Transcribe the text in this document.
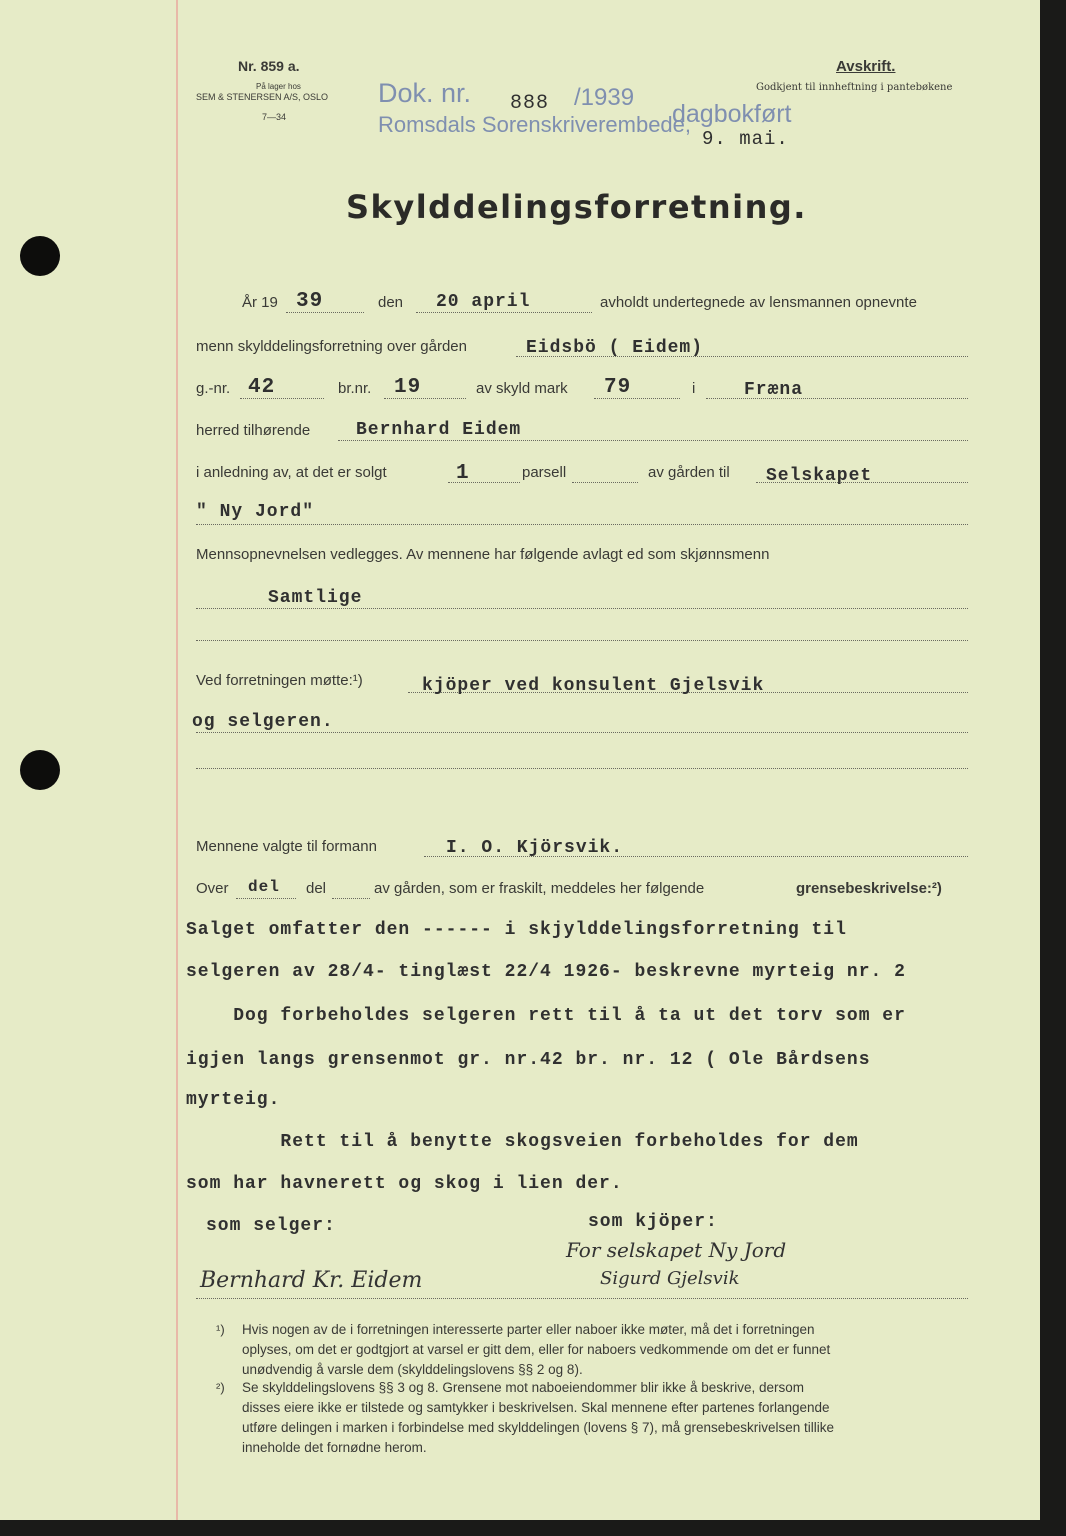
Nr. 859 a.
På lager hos
SEM & STENERSEN A/S, OSLO
7—34
Dok. nr. 888 /1939
dagbokført
Romsdals Sorenskriverembede,
9. mai.
Avskrift.
Godkjent til innheftning i pantebøkene
Skylddelingsforretning.
År 19 39	den 20 april	avholdt undertegnede av lensmannen opnevnte
menn skylddelingsforretning over gården	Eidsbö ( Eidem)
g.-nr. 42	br.nr. 19	av skyld mark 79	i	Fræna
herred tilhørende	Bernhard Eidem
i anledning av, at det er solgt	1	parsell	av gården til Selskapet
" Ny Jord"
Mennsopnevnelsen vedlegges. Av mennene har følgende avlagt ed som skjønnsmenn
Samtlige
Ved forretningen møtte:¹)	kjöper ved konsulent Gjelsvik
og selgeren.
Mennene valgte til formann	I. O. Kjörsvik.
Over del del	av gården, som er fraskilt, meddeles her følgende	grensebeskrivelse:²)
Salget omfatter den ------ i skjylddelingsforretning til
selgeren av 28/4- tinglæst 22/4 1926- beskrevne myrteig nr. 2
Dog forbeholdes selgeren rett til å ta ut det torv som er
igjen langs grensenmot gr. nr.42 br. nr. 12 ( Ole Bårdsens
myrteig.
Rett til å benytte skogsveien forbeholdes for dem
som har havnerett og skog i lien der.
som selger:	som kjöper:
Bernhard Kr. Eidem
For selskapet Ny Jord
Sigurd Gjelsvik
¹) Hvis nogen av de i forretningen interesserte parter eller naboer ikke møter, må det i forretningen
oplyses, om det er godtgjort at varsel er gitt dem, eller for naboers vedkommende om det er funnet
unødvendig å varsle dem (skylddelingslovens §§ 2 og 8).
²) Se skylddelingslovens §§ 3 og 8. Grensene mot naboeiendommer blir ikke å beskrive, dersom
disses eiere ikke er tilstede og samtykker i beskrivelsen. Skal mennene efter partenes forlangende
utføre delingen i marken i forbindelse med skylddelingen (lovens § 7), må grensebeskrivelsen tillike
inneholde det fornødne herom.
